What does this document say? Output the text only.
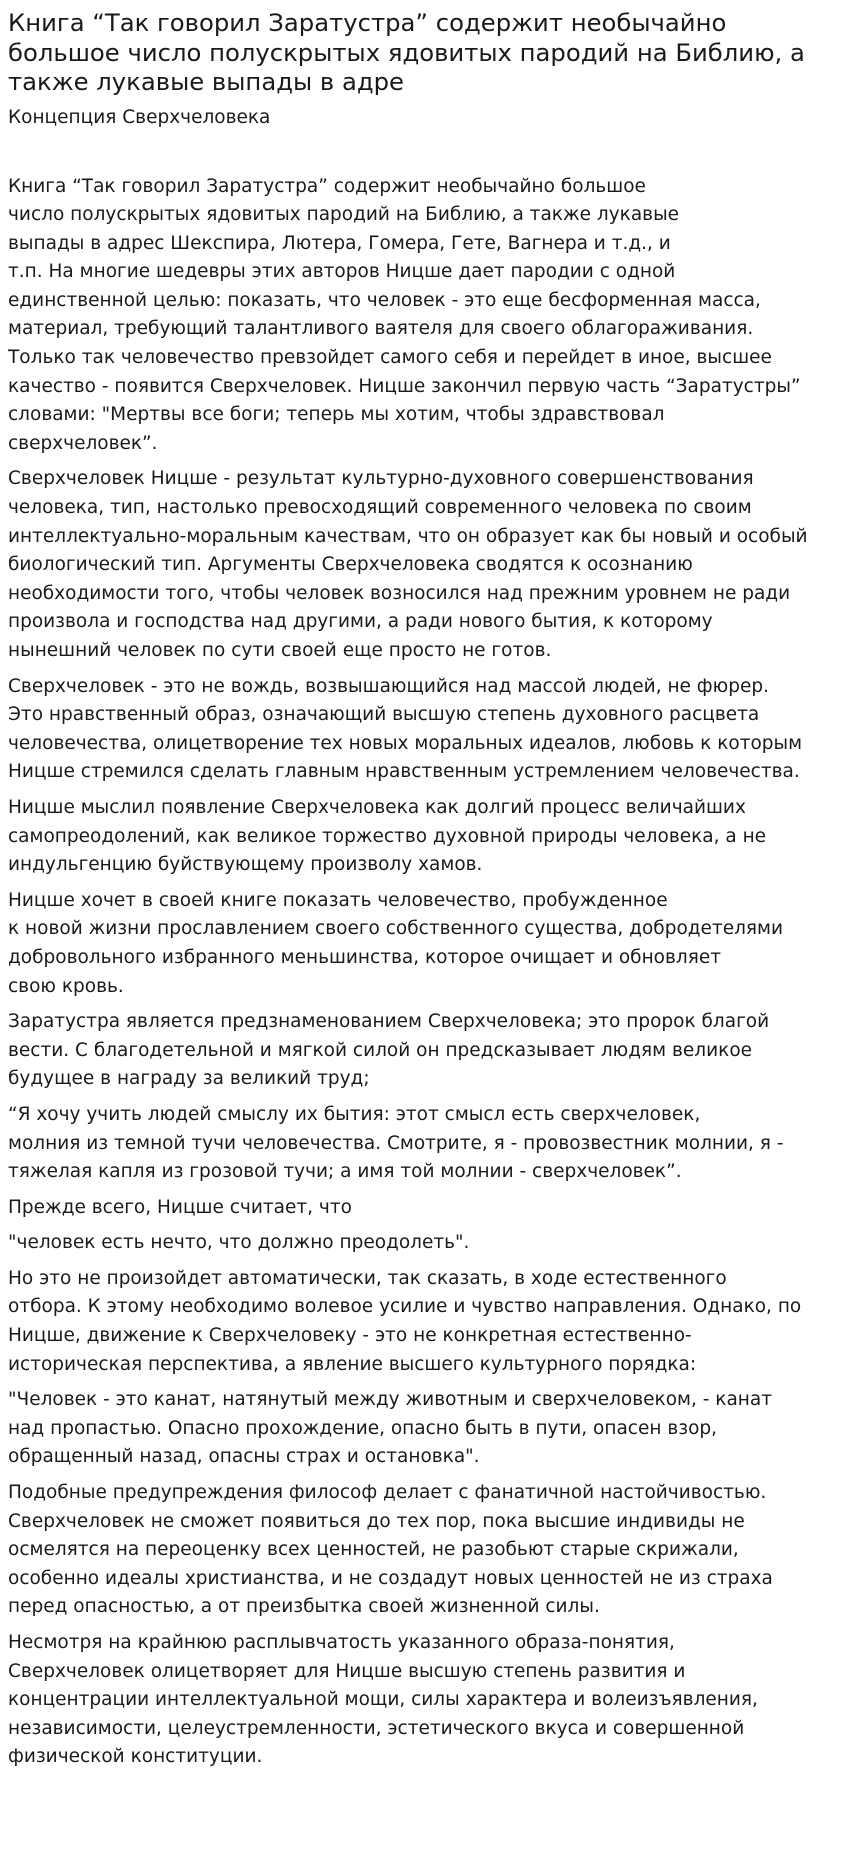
Книга “Так говорил Заратустра” содержит необычайно большое число полускрытых ядовитых пародий на Библию, а также лукавые выпады в адре
Концепция Сверхчеловека

Книга “Так говорил Заратустра” содержит необычайно большое
число полускрытых ядовитых пародий на Библию, а также лукавые
выпады в адрес Шекспира, Лютера, Гомера, Гете, Вагнера и т.д., и
т.п. На многие шедевры этих авторов Ницше дает пародии с одной
единственной целью: показать, что человек - это еще бесформенная масса,
материал, требующий талантливого ваятеля для своего облагораживания.
Только так человечество превзойдет самого себя и перейдет в иное, высшее
качество - появится Сверхчеловек. Ницше закончил первую часть “Заратустры”
словами: "Мертвы все боги; теперь мы хотим, чтобы здравствовал
сверхчеловек”.

Сверхчеловек Ницше - результат культурно-духовного совершенствования
человека, тип, настолько превосходящий современного человека по своим
интеллектуально-моральным качествам, что он образует как бы новый и особый
биологический тип. Аргументы Сверхчеловека сводятся к осознанию
необходимости того, чтобы человек возносился над прежним уровнем не ради
произвола и господства над другими, а ради нового бытия, к которому
нынешний человек по сути своей еще просто не готов.

Сверхчеловек - это не вождь, возвышающийся над массой людей, не фюрер.
Это нравственный образ, означающий высшую степень духовного расцвета
человечества, олицетворение тех новых моральных идеалов, любовь к которым
Ницше стремился сделать главным нравственным устремлением человечества.

Ницше мыслил появление Сверхчеловека как долгий процесс величайших
самопреодолений, как великое торжество духовной природы человека, а не
индульгенцию буйствующему произволу хамов.

Ницше хочет в своей книге показать человечество, пробужденное
к новой жизни прославлением своего собственного существа, добродетелями
добровольного избранного меньшинства, которое очищает и обновляет
свою кровь.

Заратустра является предзнаменованием Сверхчеловека; это пророк благой
вести. С благодетельной и мягкой силой он предсказывает людям великое
будущее в награду за великий труд;

“Я хочу учить людей смыслу их бытия: этот смысл есть сверхчеловек,
молния из темной тучи человечества. Смотрите, я - провозвестник молнии, я -
тяжелая капля из грозовой тучи; а имя той молнии - сверхчеловек”.

Прежде всего, Ницше считает, что

"человек есть нечто, что должно преодолеть".

Но это не произойдет автоматически, так сказать, в ходе естественного
отбора. К этому необходимо волевое усилие и чувство направления. Однако, по
Ницше, движение к Сверхчеловеку - это не конкретная естественно-
историческая перспектива, а явление высшего культурного порядка:

"Человек - это канат, натянутый между животным и сверхчеловеком, - канат
над пропастью. Опасно прохождение, опасно быть в пути, опасен взор,
обращенный назад, опасны страх и остановка".

Подобные предупреждения философ делает с фанатичной настойчивостью.
Сверхчеловек не сможет появиться до тех пор, пока высшие индивиды не
осмелятся на переоценку всех ценностей, не разобьют старые скрижали,
особенно идеалы христианства, и не создадут новых ценностей не из страха
перед опасностью, а от преизбытка своей жизненной силы.

Несмотря на крайнюю расплывчатость указанного образа-понятия,
Сверхчеловек олицетворяет для Ницше высшую степень развития и
концентрации интеллектуальной мощи, силы характера и волеизъявления,
независимости, целеустремленности, эстетического вкуса и совершенной
физической конституции.
